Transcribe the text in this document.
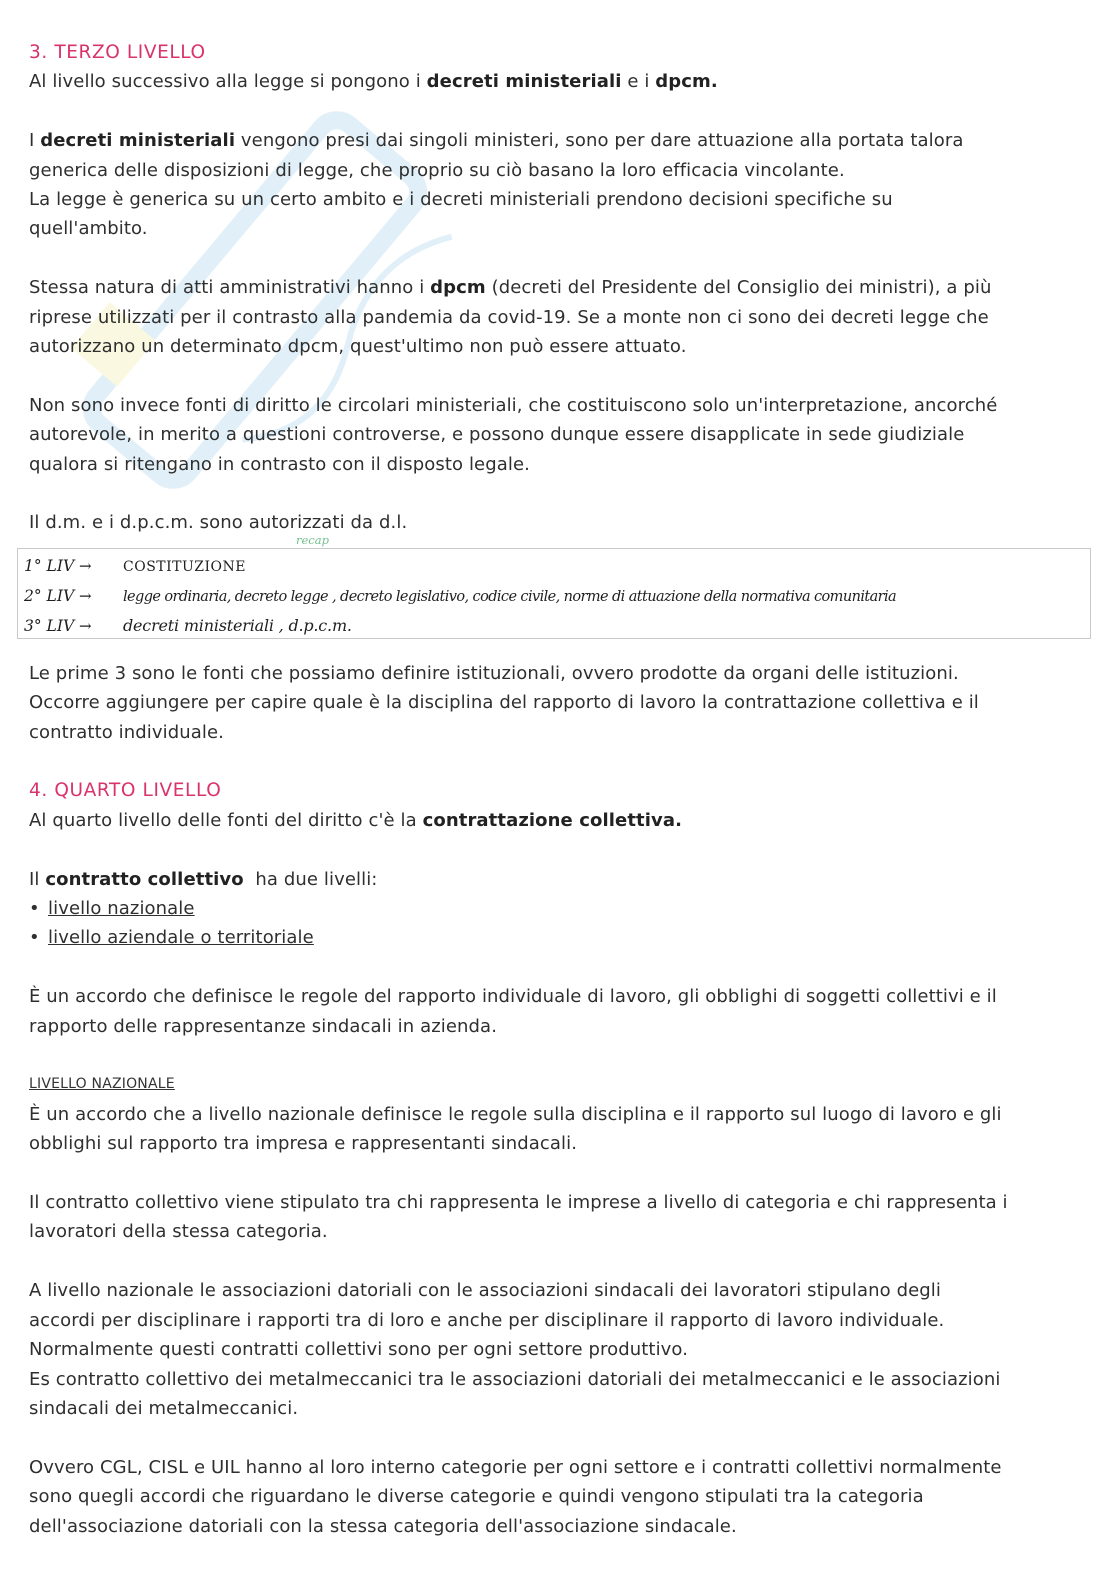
3. TERZO LIVELLO
Al livello successivo alla legge si pongono i decreti ministeriali e i dpcm.
I decreti ministeriali vengono presi dai singoli ministeri, sono per dare attuazione alla portata talora
generica delle disposizioni di legge, che proprio su ciò basano la loro efficacia vincolante.
La legge è generica su un certo ambito e i decreti ministeriali prendono decisioni specifiche su
quell'ambito.
Stessa natura di atti amministrativi hanno i dpcm (decreti del Presidente del Consiglio dei ministri), a più
riprese utilizzati per il contrasto alla pandemia da covid-19. Se a monte non ci sono dei decreti legge che
autorizzano un determinato dpcm, quest'ultimo non può essere attuato.
Non sono invece fonti di diritto le circolari ministeriali, che costituiscono solo un'interpretazione, ancorché
autorevole, in merito a questioni controverse, e possono dunque essere disapplicate in sede giudiziale
qualora si ritengano in contrasto con il disposto legale.
Il d.m. e i d.p.c.m. sono autorizzati da d.l.
recap
1° LIV →	COSTITUZIONE
2° LIV →	legge ordinaria, decreto legge , decreto legislativo, codice civile, norme di attuazione della normativa comunitaria
3° LIV →	decreti ministeriali , d.p.c.m.
Le prime 3 sono le fonti che possiamo definire istituzionali, ovvero prodotte da organi delle istituzioni.
Occorre aggiungere per capire quale è la disciplina del rapporto di lavoro la contrattazione collettiva e il
contratto individuale.
4. QUARTO LIVELLO
Al quarto livello delle fonti del diritto c'è la contrattazione collettiva.
Il contratto collettivo  ha due livelli:
• livello nazionale
• livello aziendale o territoriale
È un accordo che definisce le regole del rapporto individuale di lavoro, gli obblighi di soggetti collettivi e il
rapporto delle rappresentanze sindacali in azienda.
LIVELLO NAZIONALE
È un accordo che a livello nazionale definisce le regole sulla disciplina e il rapporto sul luogo di lavoro e gli
obblighi sul rapporto tra impresa e rappresentanti sindacali.
Il contratto collettivo viene stipulato tra chi rappresenta le imprese a livello di categoria e chi rappresenta i
lavoratori della stessa categoria.
A livello nazionale le associazioni datoriali con le associazioni sindacali dei lavoratori stipulano degli
accordi per disciplinare i rapporti tra di loro e anche per disciplinare il rapporto di lavoro individuale.
Normalmente questi contratti collettivi sono per ogni settore produttivo.
Es contratto collettivo dei metalmeccanici tra le associazioni datoriali dei metalmeccanici e le associazioni
sindacali dei metalmeccanici.
Ovvero CGL, CISL e UIL hanno al loro interno categorie per ogni settore e i contratti collettivi normalmente
sono quegli accordi che riguardano le diverse categorie e quindi vengono stipulati tra la categoria
dell'associazione datoriali con la stessa categoria dell'associazione sindacale.
